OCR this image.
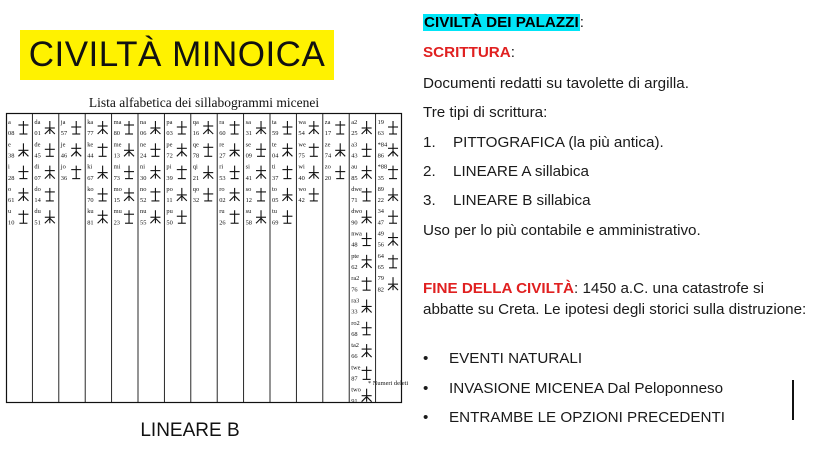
CIVILTÀ MINOICA
Lista alfabetica dei sillabogrammi micenei
a
08
e
38
i
28
o
61
u
10
da
01
de
45
di
07
do
14
du
51
ja
57
je
46
jo
36
ka
77
ke
44
ki
67
ko
70
ku
81
ma
80
me
13
mi
73
mo
15
mu
23
na
06
ne
24
ni
30
no
52
nu
55
pa
03
pe
72
pi
39
po
11
pu
50
qa
16
qe
78
qi
21
qo
32
ra
60
re
27
ri
53
ro
02
ru
26
sa
31
se
09
si
41
so
12
su
58
ta
59
te
04
ti
37
to
05
tu
69
wa
54
we
75
wi
40
wo
42
za
17
ze
74
zo
20
a2
25
a3
43
au
85
dwe
71
dwo
90
nwa
48
pte
62
ra2
76
ra3
33
ro2
68
ta2
66
twe
87
two
91
19
63
*84
86
*88
35
89
22
34
47
49
56
64
65
79
82
* Numeri deleti
LINEARE B
CIVILTÀ DEI PALAZZI:
SCRITTURA:
Documenti redatti su tavolette di argilla.
Tre tipi di scrittura:
1. PITTOGRAFICA (la più antica).
2. LINEARE A sillabica
3. LINEARE B sillabica
Uso per lo più contabile e amministrativo.
FINE DELLA CIVILTÀ: 1450 a.C. una catastrofe si abbatte su Creta. Le ipotesi degli storici sulla distruzione:
• EVENTI NATURALI
• INVASIONE MICENEA Dal Peloponneso
• ENTRAMBE LE OPZIONI PRECEDENTI
